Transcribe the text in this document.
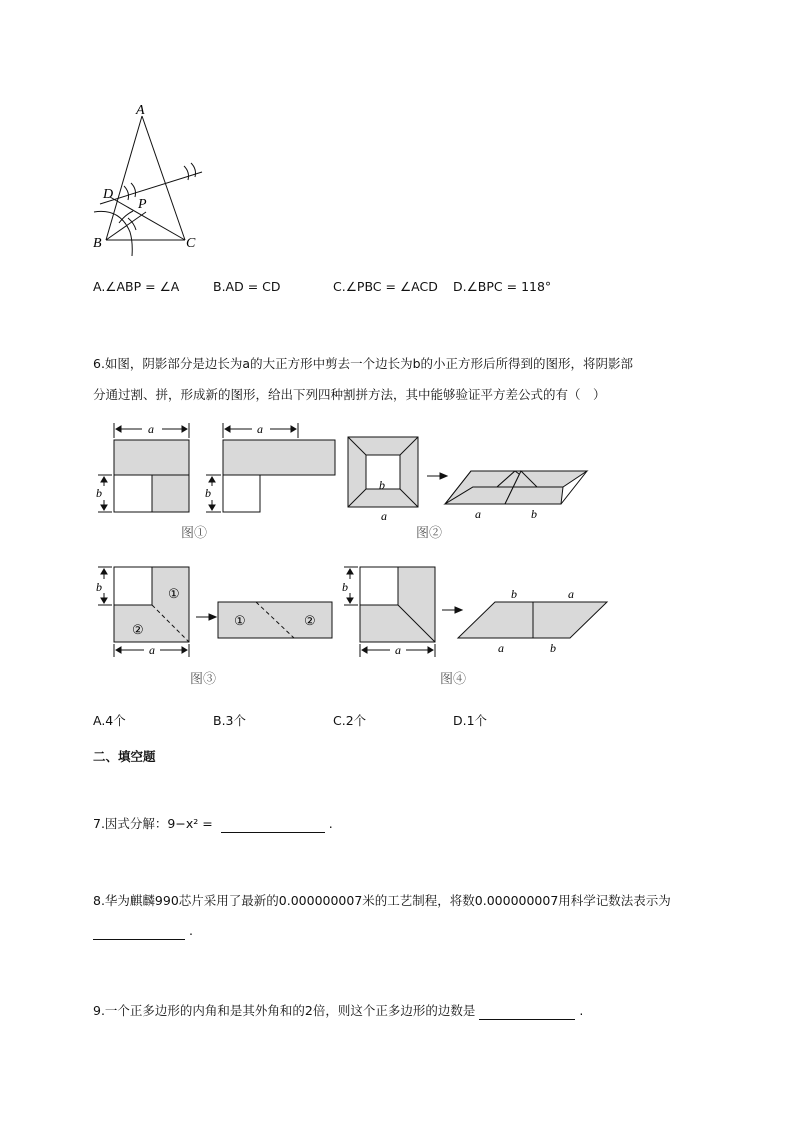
A
D
P
B	C
A.∠ABP = ∠A	B.AD = CD	C.∠PBC = ∠ACD D.∠BPC = 118°
6.如图，阴影部分是边长为a的大正方形中剪去一个边长为b的小正方形后所得到的图形，将阴影部
分通过割、拼，形成新的图形，给出下列四种割拼方法，其中能够验证平方差公式的有（　）
a	a
b	b
图①
b
a	a	b
图②
①
②
b
a
①	②
图③
b
a
b	a
a	b
图④
A.4个	B.3个	C.2个	D.1个
二、填空题
7.因式分解：9−x² =	.
8.华为麒麟990芯片采用了最新的0.000000007米的工艺制程，将数0.000000007用科学记数法表示为
.
9.一个正多边形的内角和是其外角和的2倍，则这个正多边形的边数是	.
